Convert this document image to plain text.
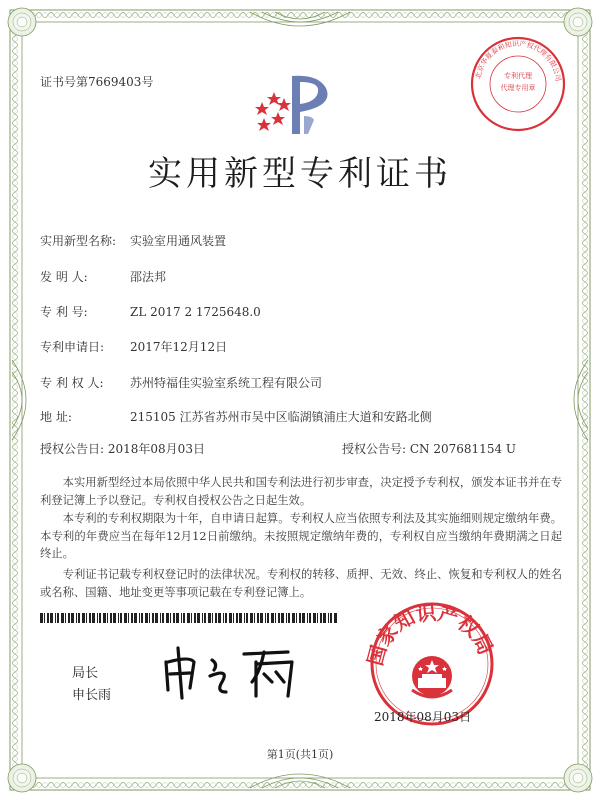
证书号第7669403号	北京华夏泰和知识产权代理有限公司
专利代理
代理专用章
实用新型专利证书
实用新型名称: 实验室用通风装置
发 明 人:	邵法邦
专 利 号:	ZL 2017 2 1725648.0
专利申请日: 2017年12月12日
专 利 权 人: 苏州特福佳实验室系统工程有限公司
地 址:	215105 江苏省苏州市吴中区临湖镇浦庄大道和安路北侧
授权公告日: 2018年08月03日	授权公告号: CN 207681154 U

本实用新型经过本局依照中华人民共和国专利法进行初步审查，决定授予专利权，颁发本证书并在专利登记簿上予以登记。专利权自授权公告之日起生效。

本专利的专利权期限为十年，自申请日起算。专利权人应当依照专利法及其实施细则规定缴纳年费。本专利的年费应当在每年12月12日前缴纳。未按照规定缴纳年费的，专利权自应当缴纳年费期满之日起终止。

专利证书记载专利权登记时的法律状况。专利权的转移、质押、无效、终止、恢复和专利权人的姓名或名称、国籍、地址变更等事项记载在专利登记簿上。

局长
申长雨
国家知识产权局
2018年08月03日
第1页(共1页)
